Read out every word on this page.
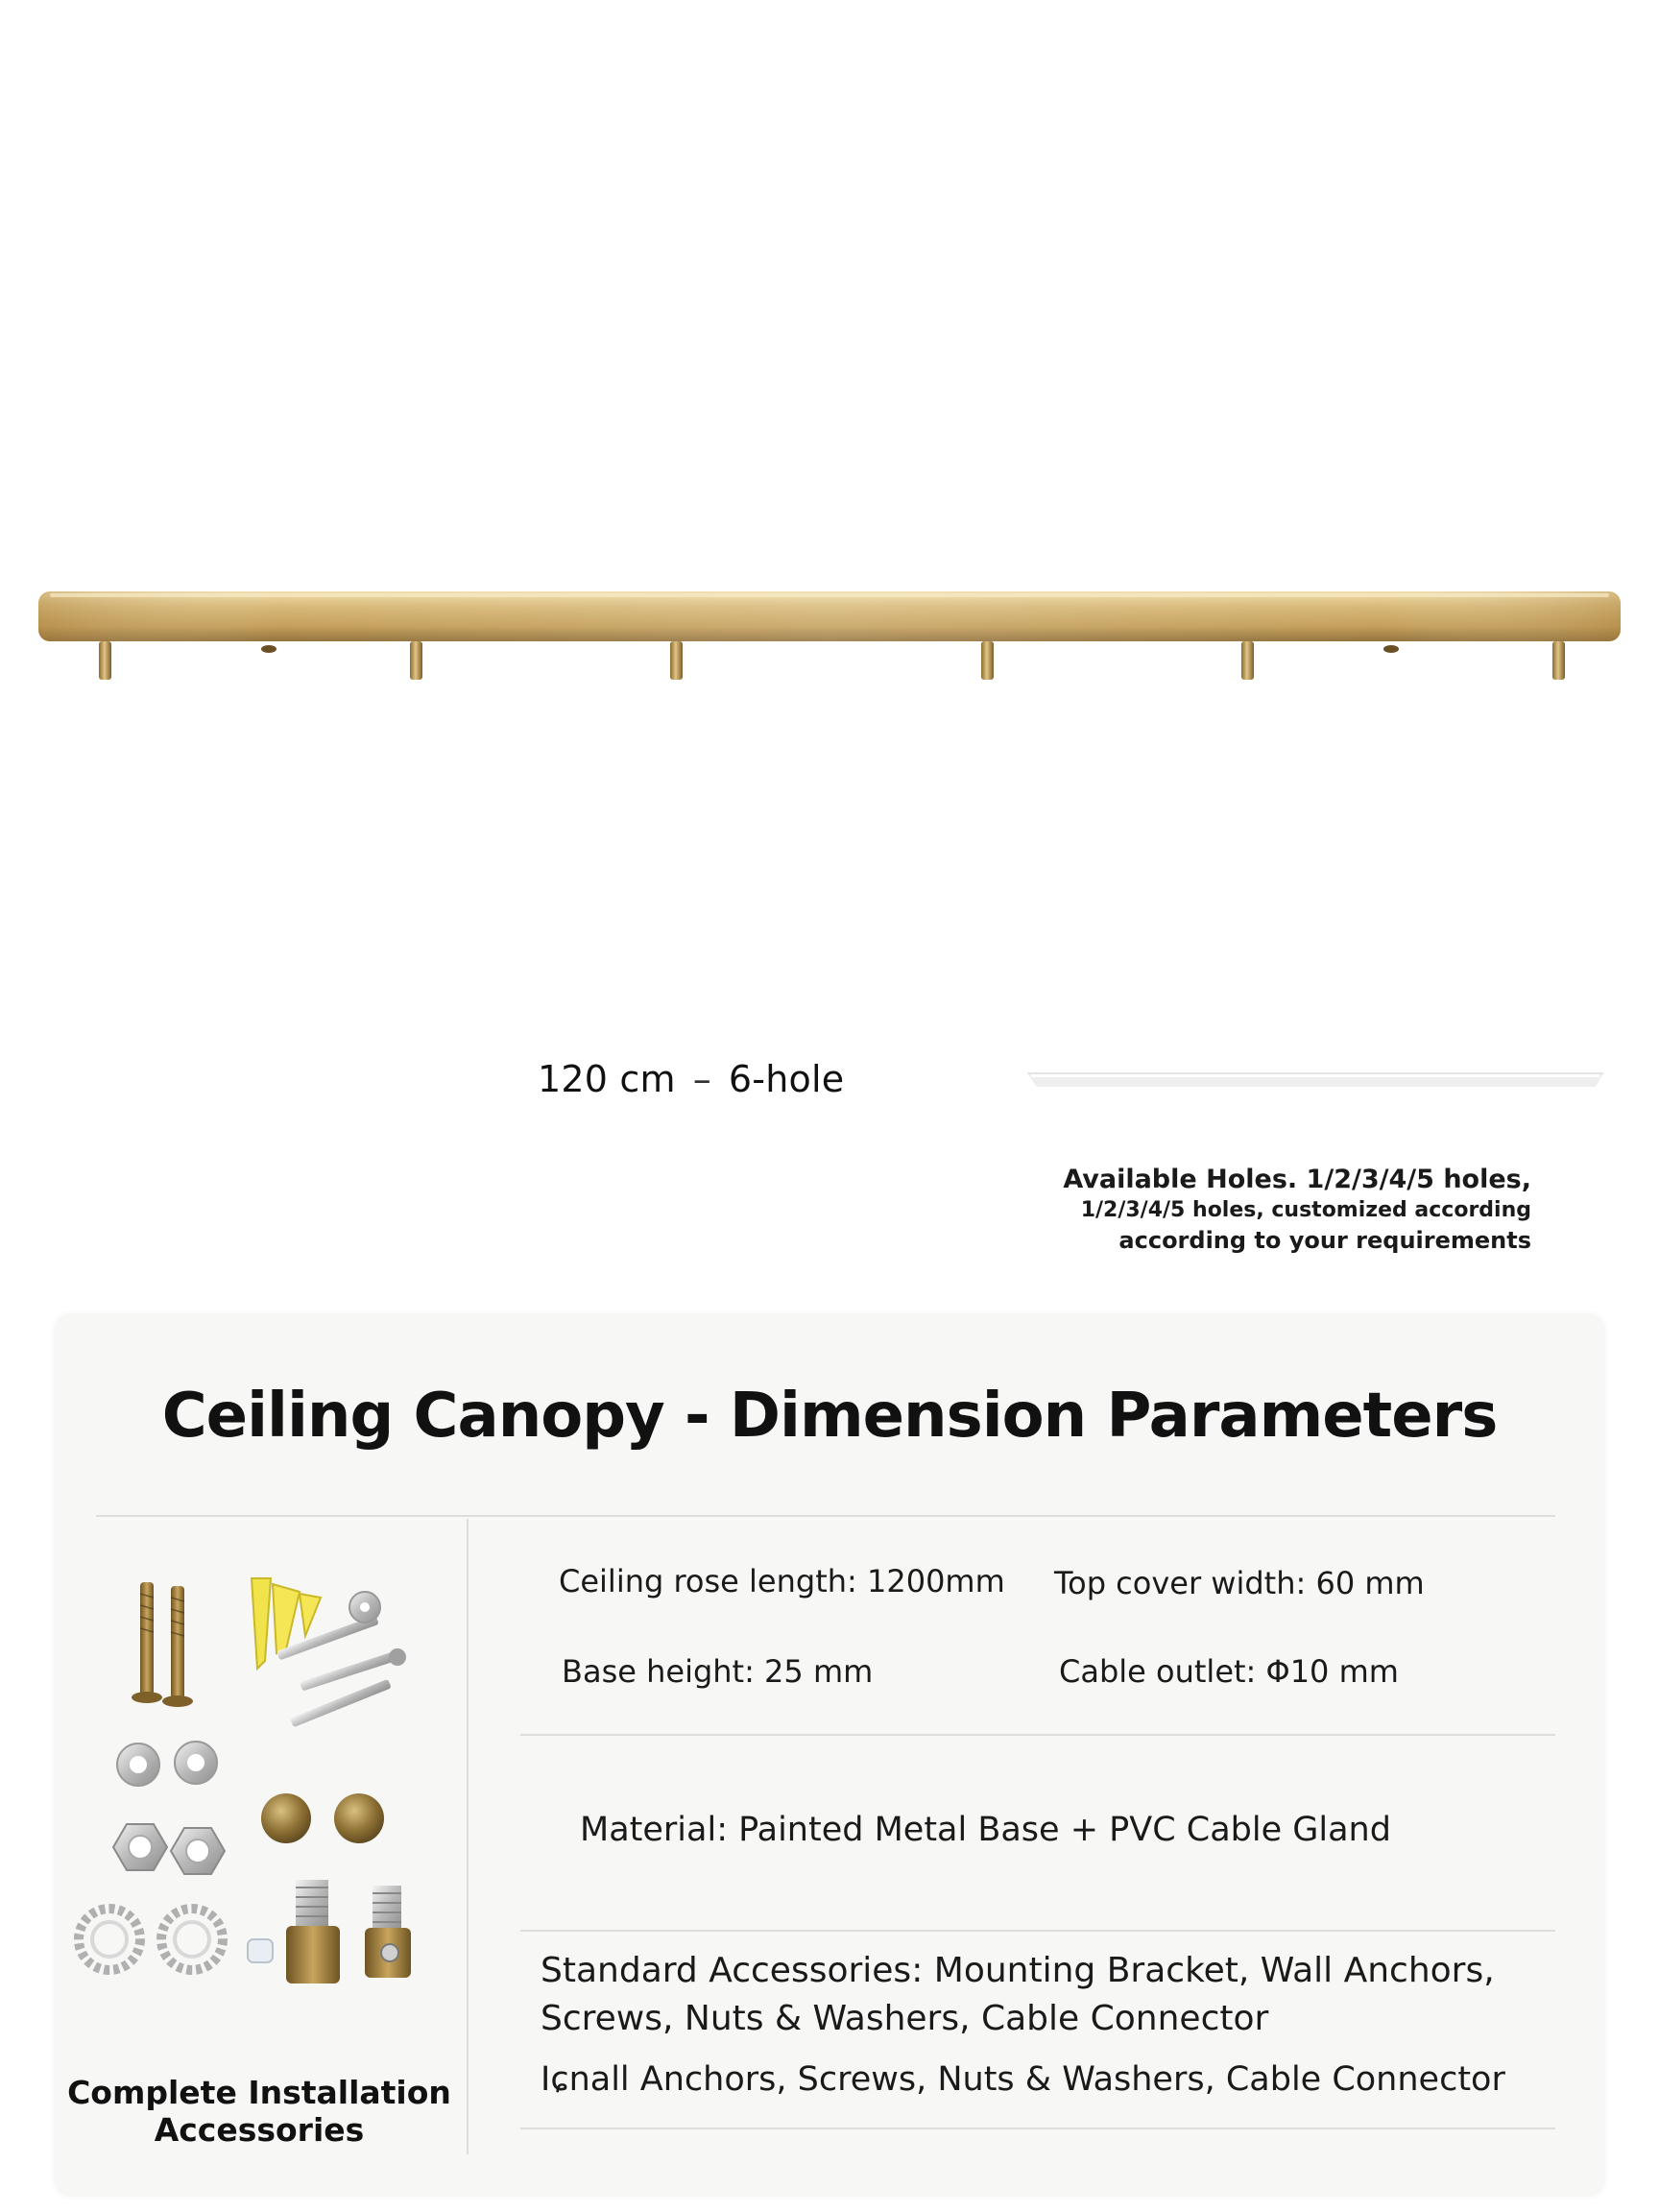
120 cm – 6-hole
Available Holes. 1/2/3/4/5 holes,
1/2/3/4/5 holes, customized according
according to your requirements
Ceiling Canopy - Dimension Parameters
Ceiling rose length: 1200mm Top cover width: 60 mm
Base height: 25 mm	Cable outlet: Φ10 mm
Material: Painted Metal Base + PVC Cable Gland
Standard Accessories: Mounting Bracket, Wall Anchors, Screws, Nuts & Washers, Cable Connector
Iɕnall Anchors, Screws, Nuts & Washers, Cable Connector
Complete Installation Accessories
